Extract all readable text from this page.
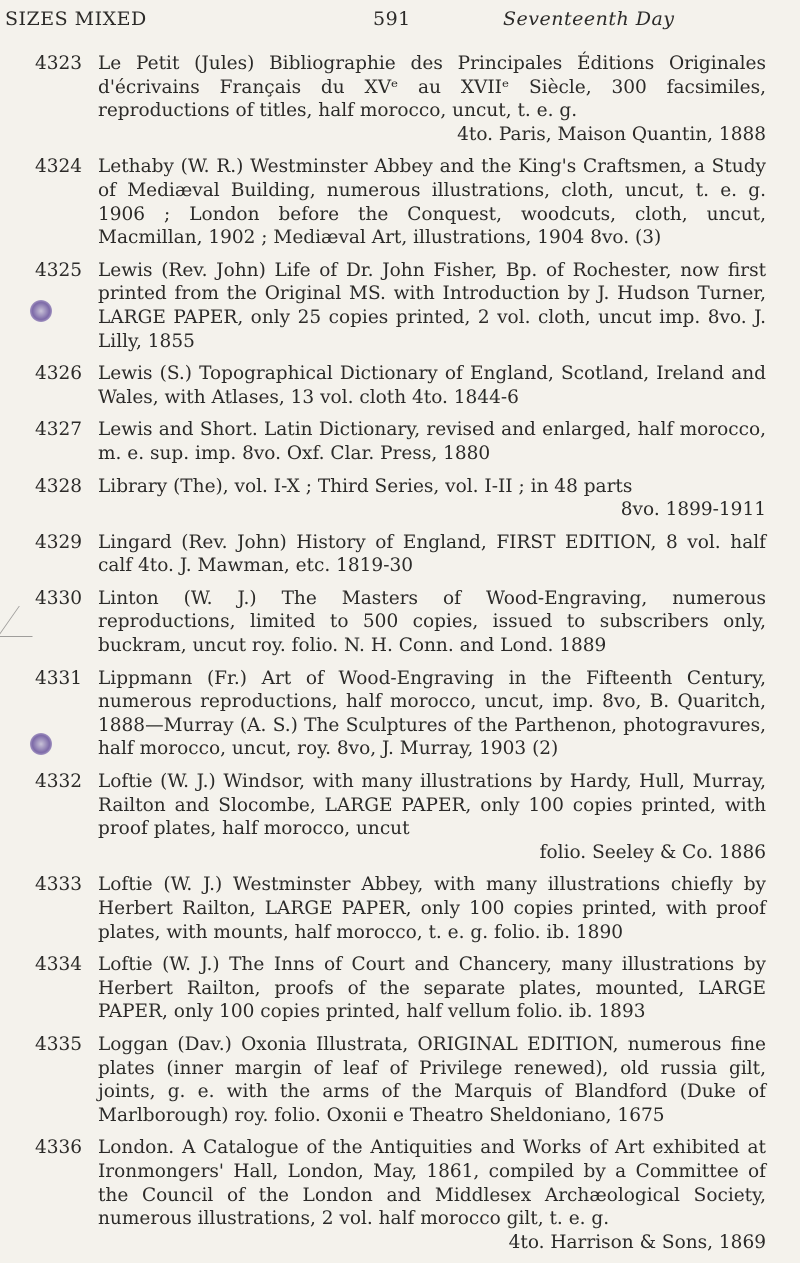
SIZES MIXED	591	Seventeenth Day
4323 Le Petit (Jules) Bibliographie des Principales Éditions Originales d'écrivains Français du XVᵉ au XVIIᵉ Siècle, 300 facsimiles, reproductions of titles, half morocco, uncut, t. e. g.
4to. Paris, Maison Quantin, 1888
4324 Lethaby (W. R.) Westminster Abbey and the King's Craftsmen, a Study of Mediæval Building, numerous illustrations, cloth, uncut, t. e. g. 1906 ; London before the Conquest, woodcuts, cloth, uncut, Macmillan, 1902 ; Mediæval Art, illustrations, 1904 8vo. (3)
4325 Lewis (Rev. John) Life of Dr. John Fisher, Bp. of Rochester, now first printed from the Original MS. with Introduction by J. Hudson Turner, LARGE PAPER, only 25 copies printed, 2 vol. cloth, uncut imp. 8vo. J. Lilly, 1855
4326 Lewis (S.) Topographical Dictionary of England, Scotland, Ireland and Wales, with Atlases, 13 vol. cloth 4to. 1844-6
4327 Lewis and Short. Latin Dictionary, revised and enlarged, half morocco, m. e. sup. imp. 8vo. Oxf. Clar. Press, 1880
4328 Library (The), vol. I-X ; Third Series, vol. I-II ; in 48 parts
8vo. 1899-1911
4329 Lingard (Rev. John) History of England, FIRST EDITION, 8 vol. half calf 4to. J. Mawman, etc. 1819-30
4330 Linton (W. J.) The Masters of Wood-Engraving, numerous reproductions, limited to 500 copies, issued to subscribers only, buckram, uncut roy. folio. N. H. Conn. and Lond. 1889
4331 Lippmann (Fr.) Art of Wood-Engraving in the Fifteenth Century, numerous reproductions, half morocco, uncut, imp. 8vo, B. Quaritch, 1888—Murray (A. S.) The Sculptures of the Parthenon, photogravures, half morocco, uncut, roy. 8vo, J. Murray, 1903 (2)
4332 Loftie (W. J.) Windsor, with many illustrations by Hardy, Hull, Murray, Railton and Slocombe, LARGE PAPER, only 100 copies printed, with proof plates, half morocco, uncut
folio. Seeley & Co. 1886
4333 Loftie (W. J.) Westminster Abbey, with many illustrations chiefly by Herbert Railton, LARGE PAPER, only 100 copies printed, with proof plates, with mounts, half morocco, t. e. g. folio. ib. 1890
4334 Loftie (W. J.) The Inns of Court and Chancery, many illustrations by Herbert Railton, proofs of the separate plates, mounted, LARGE PAPER, only 100 copies printed, half vellum folio. ib. 1893
4335 Loggan (Dav.) Oxonia Illustrata, ORIGINAL EDITION, numerous fine plates (inner margin of leaf of Privilege renewed), old russia gilt, joints, g. e. with the arms of the Marquis of Blandford (Duke of Marlborough) roy. folio. Oxonii e Theatro Sheldoniano, 1675
4336 London. A Catalogue of the Antiquities and Works of Art exhibited at Ironmongers' Hall, London, May, 1861, compiled by a Committee of the Council of the London and Middlesex Archæological Society, numerous illustrations, 2 vol. half morocco gilt, t. e. g.
4to. Harrison & Sons, 1869
